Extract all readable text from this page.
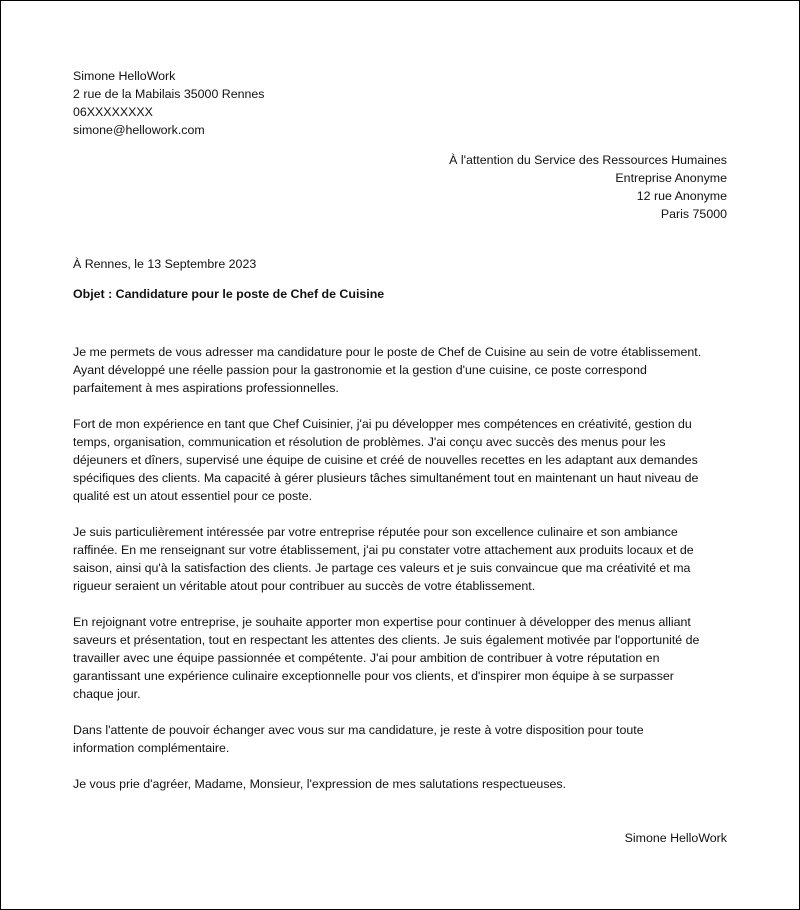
Simone HelloWork
2 rue de la Mabilais 35000 Rennes
06XXXXXXXX
simone@hellowork.com
À l'attention du Service des Ressources Humaines
Entreprise Anonyme
12 rue Anonyme
Paris 75000
À Rennes, le 13 Septembre 2023
Objet : Candidature pour le poste de Chef de Cuisine

Je me permets de vous adresser ma candidature pour le poste de Chef de Cuisine au sein de votre établissement.
Ayant développé une réelle passion pour la gastronomie et la gestion d'une cuisine, ce poste correspond
parfaitement à mes aspirations professionnelles.

Fort de mon expérience en tant que Chef Cuisinier, j'ai pu développer mes compétences en créativité, gestion du
temps, organisation, communication et résolution de problèmes. J'ai conçu avec succès des menus pour les
déjeuners et dîners, supervisé une équipe de cuisine et créé de nouvelles recettes en les adaptant aux demandes
spécifiques des clients. Ma capacité à gérer plusieurs tâches simultanément tout en maintenant un haut niveau de
qualité est un atout essentiel pour ce poste.

Je suis particulièrement intéressée par votre entreprise réputée pour son excellence culinaire et son ambiance
raffinée. En me renseignant sur votre établissement, j'ai pu constater votre attachement aux produits locaux et de
saison, ainsi qu'à la satisfaction des clients. Je partage ces valeurs et je suis convaincue que ma créativité et ma
rigueur seraient un véritable atout pour contribuer au succès de votre établissement.

En rejoignant votre entreprise, je souhaite apporter mon expertise pour continuer à développer des menus alliant
saveurs et présentation, tout en respectant les attentes des clients. Je suis également motivée par l'opportunité de
travailler avec une équipe passionnée et compétente. J'ai pour ambition de contribuer à votre réputation en
garantissant une expérience culinaire exceptionnelle pour vos clients, et d'inspirer mon équipe à se surpasser
chaque jour.

Dans l'attente de pouvoir échanger avec vous sur ma candidature, je reste à votre disposition pour toute
information complémentaire.

Je vous prie d'agréer, Madame, Monsieur, l'expression de mes salutations respectueuses.

Simone HelloWork
